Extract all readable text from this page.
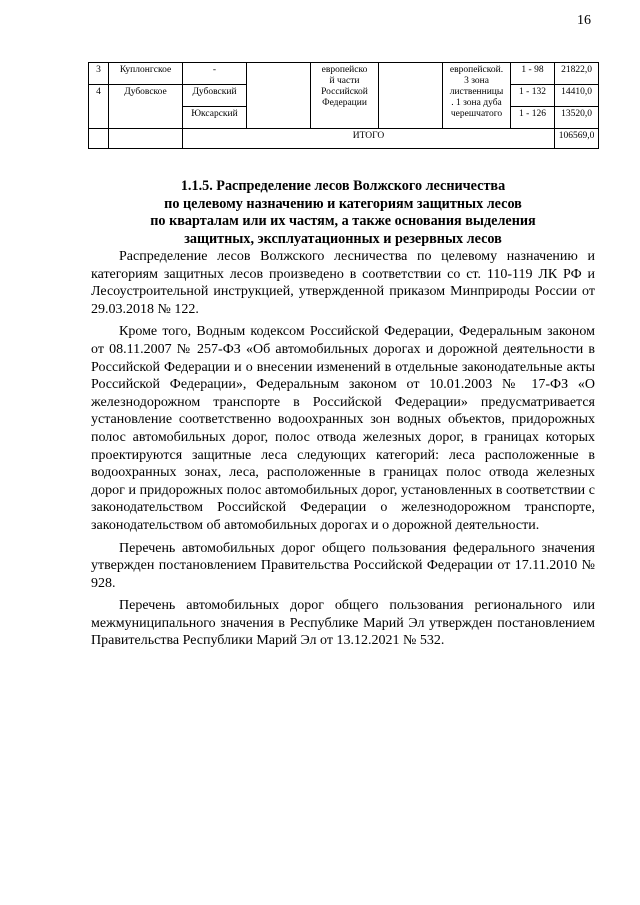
16
3	Куплонгское	-		европейско
й части
Российской
Федерации		европейской.
3 зона
лиственницы
. 1 зона дуба
черешчатого	1 - 98	21822,0
4	Дубовское	Дубовский					1 - 132	14410,0
		Юксарский					1 - 126	13520,0
		ИТОГО						106569,0
1.1.5. Распределение лесов Волжского лесничества
по целевому назначению и категориям защитных лесов
по кварталам или их частям, а также основания выделения
защитных, эксплуатационных и резервных лесов

Распределение лесов Волжского лесничества по целевому назначению и категориям защитных лесов произведено в соответствии со ст. 110-119 ЛК РФ и Лесоустроительной инструкцией, утвержденной приказом Минприроды России от 29.03.2018 № 122.

Кроме того, Водным кодексом Российской Федерации, Федеральным законом от 08.11.2007 № 257-ФЗ «Об автомобильных дорогах и дорожной деятельности в Российской Федерации и о внесении изменений в отдельные законодательные акты Российской Федерации», Федеральным законом от 10.01.2003 № 17-ФЗ «О железнодорожном транспорте в Российской Федерации» предусматривается установление соответственно водоохранных зон водных объектов, придорожных полос автомобильных дорог, полос отвода железных дорог, в границах которых проектируются защитные леса следующих категорий: леса расположенные в водоохранных зонах, леса, расположенные в границах полос отвода железных дорог и придорожных полос автомобильных дорог, установленных в соответствии с законодательством Российской Федерации о железнодорожном транспорте, законодательством об автомобильных дорогах и о дорожной деятельности.

Перечень автомобильных дорог общего пользования федерального значения утвержден постановлением Правительства Российской Федерации от 17.11.2010 № 928.

Перечень автомобильных дорог общего пользования регионального или межмуниципального значения в Республике Марий Эл утвержден постановлением Правительства Республики Марий Эл от 13.12.2021 № 532.
